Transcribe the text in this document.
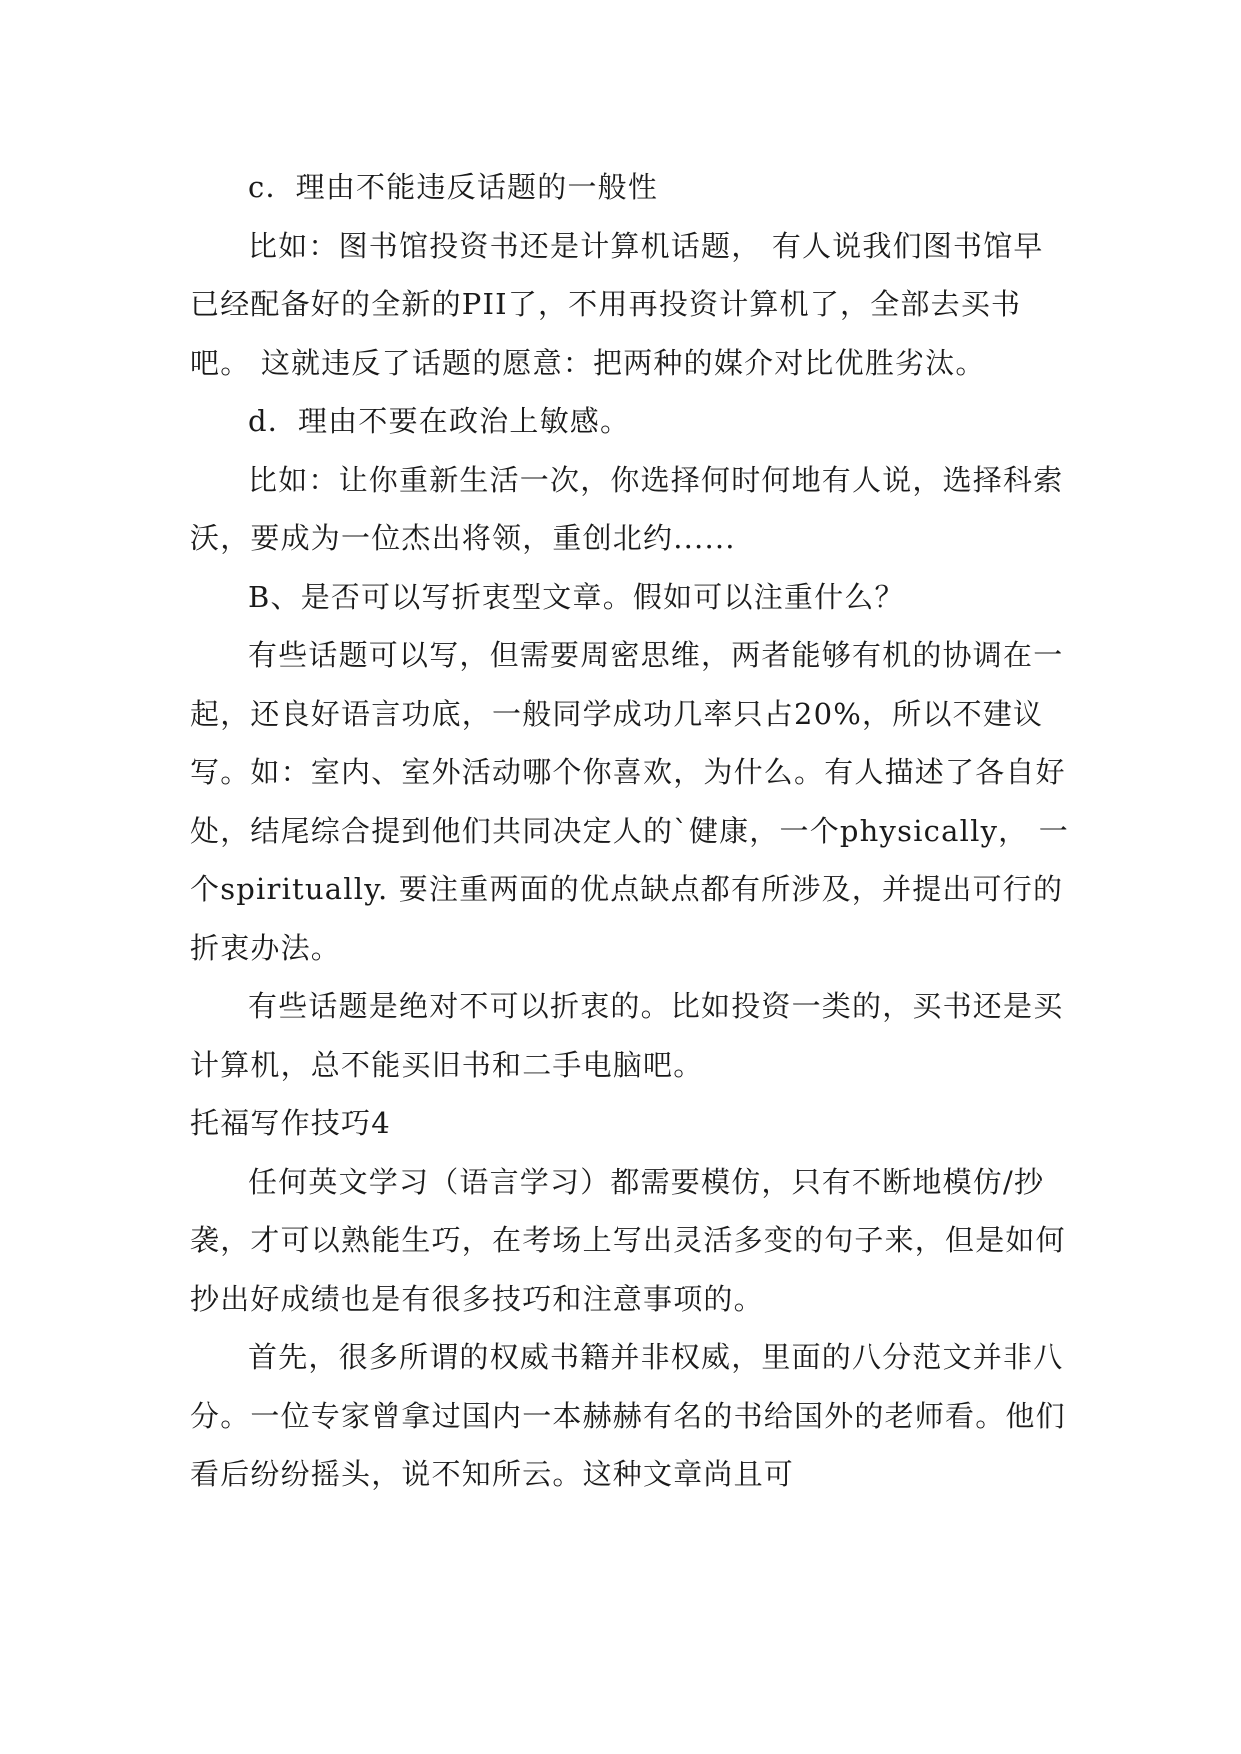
c．理由不能违反话题的一般性

比如：图书馆投资书还是计算机话题， 有人说我们图书馆早已经配备好的全新的PII了，不用再投资计算机了，全部去买书吧。 这就违反了话题的愿意：把两种的媒介对比优胜劣汰。

d．理由不要在政治上敏感。

比如：让你重新生活一次，你选择何时何地有人说，选择科索沃，要成为一位杰出将领，重创北约......

B、是否可以写折衷型文章。假如可以注重什么？

有些话题可以写，但需要周密思维，两者能够有机的协调在一起，还良好语言功底，一般同学成功几率只占20%，所以不建议写。如：室内、室外活动哪个你喜欢，为什么。有人描述了各自好处，结尾综合提到他们共同决定人的`健康，一个physically， 一个spiritually. 要注重两面的优点缺点都有所涉及，并提出可行的折衷办法。

有些话题是绝对不可以折衷的。比如投资一类的，买书还是买计算机，总不能买旧书和二手电脑吧。

托福写作技巧4

任何英文学习（语言学习）都需要模仿，只有不断地模仿/抄袭，才可以熟能生巧，在考场上写出灵活多变的句子来，但是如何抄出好成绩也是有很多技巧和注意事项的。

首先，很多所谓的权威书籍并非权威，里面的八分范文并非八分。一位专家曾拿过国内一本赫赫有名的书给国外的老师看。他们看后纷纷摇头，说不知所云。这种文章尚且可
